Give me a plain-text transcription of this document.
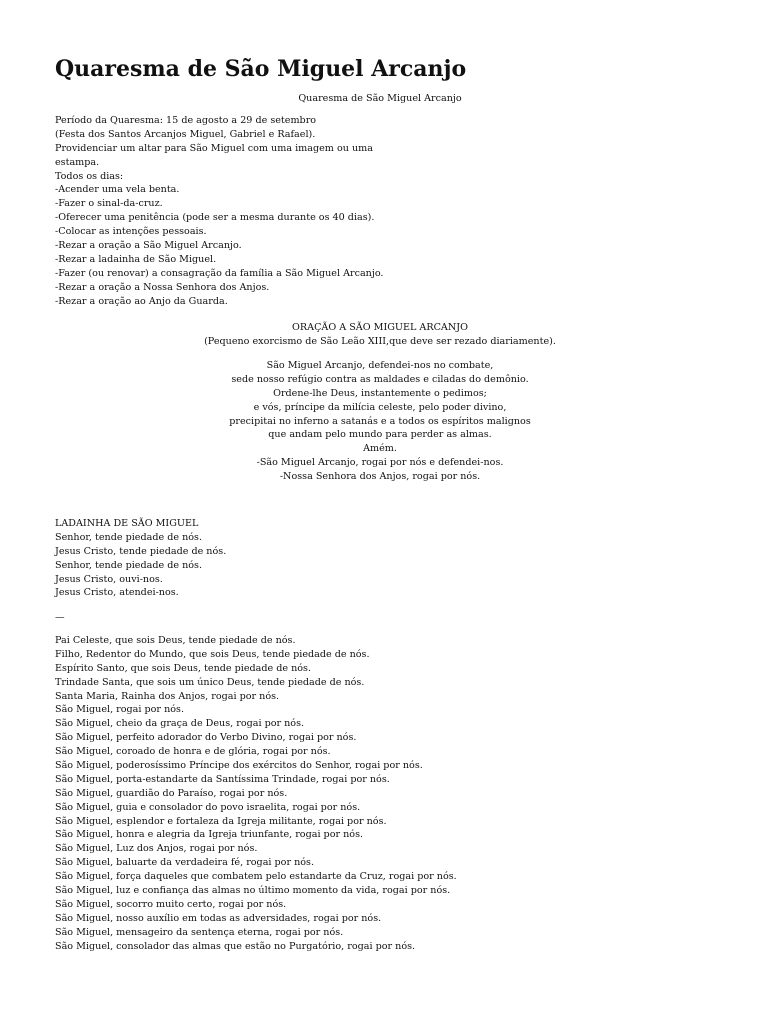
Quaresma de São Miguel Arcanjo
Quaresma de São Miguel Arcanjo
Período da Quaresma: 15 de agosto a 29 de setembro
(Festa dos Santos Arcanjos Miguel, Gabriel e Rafael).
Providenciar um altar para São Miguel com uma imagem ou uma
estampa.
Todos os dias:
-Acender uma vela benta.
-Fazer o sinal-da-cruz.
-Oferecer uma penitência (pode ser a mesma durante os 40 dias).
-Colocar as intenções pessoais.
-Rezar a oração a São Miguel Arcanjo.
-Rezar a ladainha de São Miguel.
-Fazer (ou renovar) a consagração da família a São Miguel Arcanjo.
-Rezar a oração a Nossa Senhora dos Anjos.
-Rezar a oração ao Anjo da Guarda.
ORAÇÃO A SÃO MIGUEL ARCANJO
(Pequeno exorcismo de São Leão XIII,que deve ser rezado diariamente).
São Miguel Arcanjo, defendei-nos no combate,
sede nosso refúgio contra as maldades e ciladas do demônio.
Ordene-lhe Deus, instantemente o pedimos;
e vós, príncipe da milícia celeste, pelo poder divino,
precipitai no inferno a satanás e a todos os espíritos malignos
que andam pelo mundo para perder as almas.
Amém.
-São Miguel Arcanjo, rogai por nós e defendei-nos.
-Nossa Senhora dos Anjos, rogai por nós.
LADAINHA DE SÃO MIGUEL
Senhor, tende piedade de nós.
Jesus Cristo, tende piedade de nós.
Senhor, tende piedade de nós.
Jesus Cristo, ouvi-nos.
Jesus Cristo, atendei-nos.
—
Pai Celeste, que sois Deus, tende piedade de nós.
Filho, Redentor do Mundo, que sois Deus, tende piedade de nós.
Espírito Santo, que sois Deus, tende piedade de nós.
Trindade Santa, que sois um único Deus, tende piedade de nós.
Santa Maria, Rainha dos Anjos, rogai por nós.
São Miguel, rogai por nós.
São Miguel, cheio da graça de Deus, rogai por nós.
São Miguel, perfeito adorador do Verbo Divino, rogai por nós.
São Miguel, coroado de honra e de glória, rogai por nós.
São Miguel, poderosíssimo Príncipe dos exércitos do Senhor, rogai por nós.
São Miguel, porta-estandarte da Santíssima Trindade, rogai por nós.
São Miguel, guardião do Paraíso, rogai por nós.
São Miguel, guia e consolador do povo israelita, rogai por nós.
São Miguel, esplendor e fortaleza da Igreja militante, rogai por nós.
São Miguel, honra e alegria da Igreja triunfante, rogai por nós.
São Miguel, Luz dos Anjos, rogai por nós.
São Miguel, baluarte da verdadeira fé, rogai por nós.
São Miguel, força daqueles que combatem pelo estandarte da Cruz, rogai por nós.
São Miguel, luz e confiança das almas no último momento da vida, rogai por nós.
São Miguel, socorro muito certo, rogai por nós.
São Miguel, nosso auxílio em todas as adversidades, rogai por nós.
São Miguel, mensageiro da sentença eterna, rogai por nós.
São Miguel, consolador das almas que estão no Purgatório, rogai por nós.
